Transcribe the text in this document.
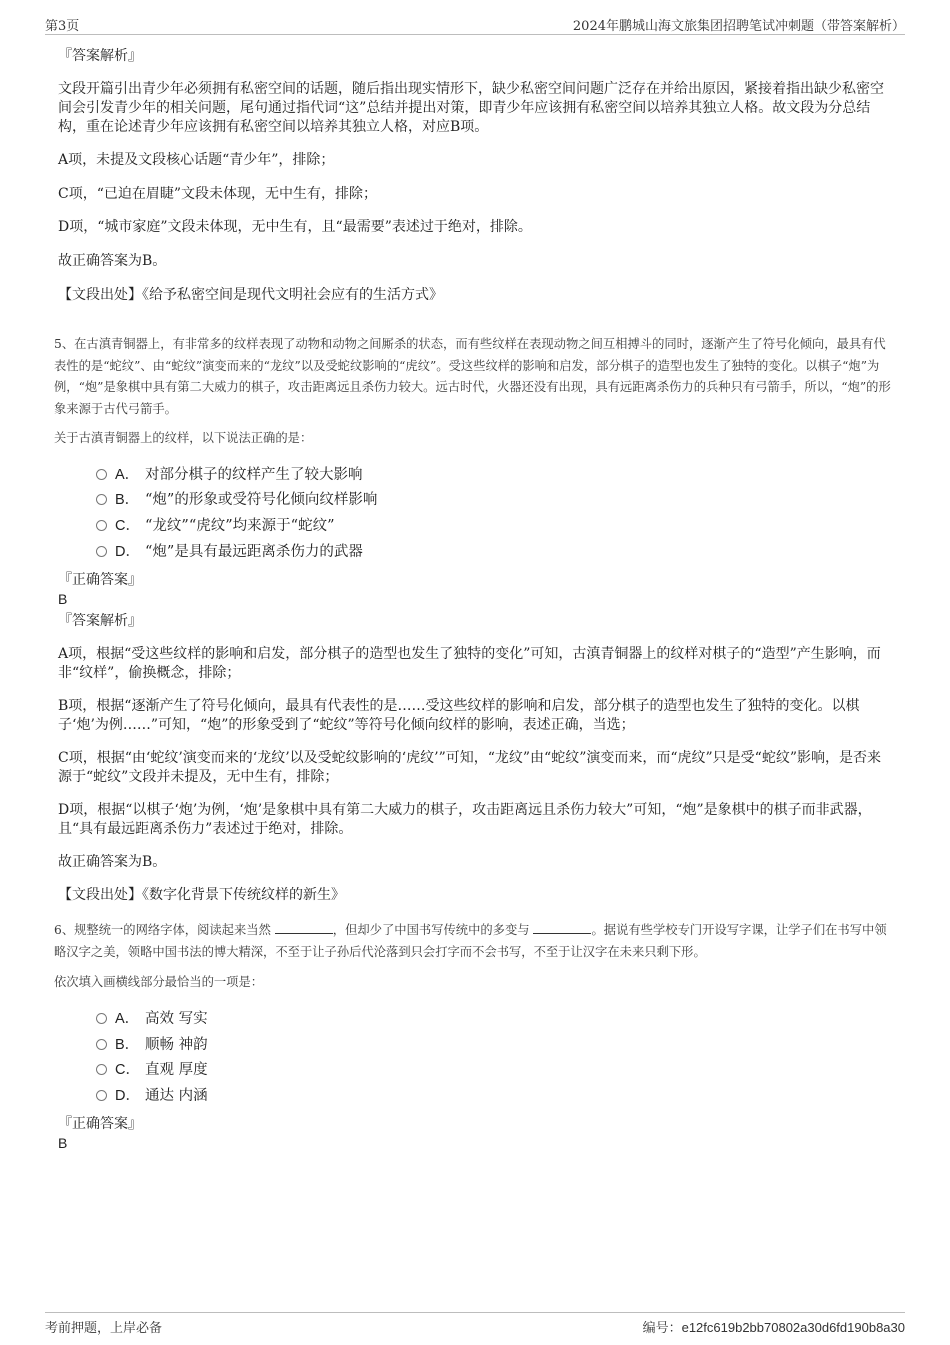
第3页	2024年鹏城山海文旅集团招聘笔试冲刺题（带答案解析）
『答案解析』
文段开篇引出青少年必须拥有私密空间的话题，随后指出现实情形下，缺少私密空间问题广泛存在并给出原因，紧接着指出缺少私密空间会引发青少年的相关问题，尾句通过指代词“这”总结并提出对策，即青少年应该拥有私密空间以培养其独立人格。故文段为分总结构，重在论述青少年应该拥有私密空间以培养其独立人格，对应B项。
A项，未提及文段核心话题“青少年”，排除；
C项，“已迫在眉睫”文段未体现，无中生有，排除；
D项，“城市家庭”文段未体现，无中生有，且“最需要”表述过于绝对，排除。
故正确答案为B。
【文段出处】《给予私密空间是现代文明社会应有的生活方式》
5、在古滇青铜器上，有非常多的纹样表现了动物和动物之间厮杀的状态，而有些纹样在表现动物之间互相搏斗的同时，逐渐产生了符号化倾向，最具有代表性的是“蛇纹”、由“蛇纹”演变而来的“龙纹”以及受蛇纹影响的“虎纹”。受这些纹样的影响和启发，部分棋子的造型也发生了独特的变化。以棋子“炮”为例，“炮”是象棋中具有第二大威力的棋子，攻击距离远且杀伤力较大。远古时代，火器还没有出现，具有远距离杀伤力的兵种只有弓箭手，所以，“炮”的形象来源于古代弓箭手。
关于古滇青铜器上的纹样，以下说法正确的是：
A． 对部分棋子的纹样产生了较大影响
B． “炮”的形象或受符号化倾向纹样影响
C． “龙纹”“虎纹”均来源于“蛇纹”
D． “炮”是具有最远距离杀伤力的武器
『正确答案』
B
『答案解析』
A项，根据“受这些纹样的影响和启发，部分棋子的造型也发生了独特的变化”可知，古滇青铜器上的纹样对棋子的“造型”产生影响，而非“纹样”，偷换概念，排除；
B项，根据“逐渐产生了符号化倾向，最具有代表性的是……受这些纹样的影响和启发，部分棋子的造型也发生了独特的变化。以棋子‘炮’为例……”可知，“炮”的形象受到了“蛇纹”等符号化倾向纹样的影响，表述正确，当选；
C项，根据“由‘蛇纹’演变而来的‘龙纹’以及受蛇纹影响的‘虎纹’”可知，“龙纹”由“蛇纹”演变而来，而“虎纹”只是受“蛇纹”影响，是否来源于“蛇纹”文段并未提及，无中生有，排除；
D项，根据“以棋子‘炮’为例，‘炮’是象棋中具有第二大威力的棋子，攻击距离远且杀伤力较大”可知，“炮”是象棋中的棋子而非武器，且“具有最远距离杀伤力”表述过于绝对，排除。
故正确答案为B。
【文段出处】《数字化背景下传统纹样的新生》
6、规整统一的网络字体，阅读起来当然	，但却少了中国书写传统中的多变与	。据说有些学校专门开设写字课，让学子们在书写中领略汉字之美，领略中国书法的博大精深，不至于让子孙后代沦落到只会打字而不会书写，不至于让汉字在未来只剩下形。
依次填入画横线部分最恰当的一项是：
A． 高效 写实
B． 顺畅 神韵
C． 直观 厚度
D． 通达 内涵
『正确答案』
B
考前押题，上岸必备	编号：e12fc619b2bb70802a30d6fd190b8a30
